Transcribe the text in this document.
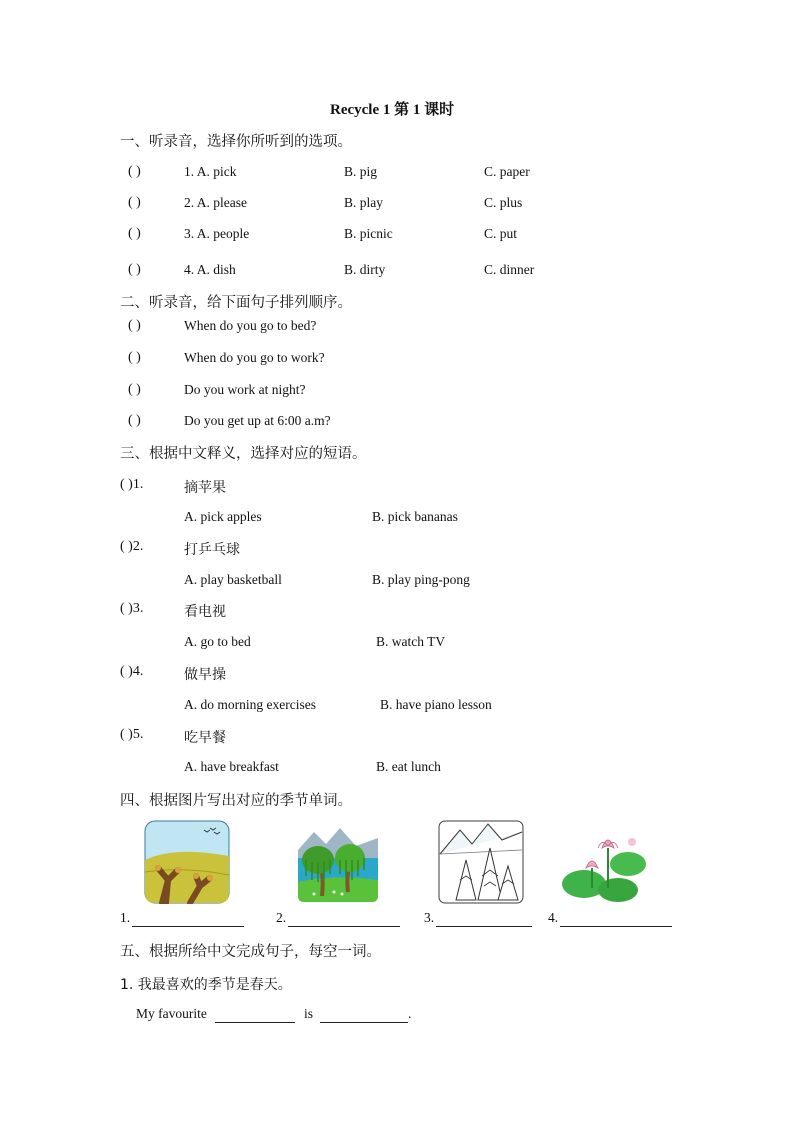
Recycle 1 第 1 课时
一、听录音，选择你所听到的选项。
( )	1. A. pick	B. pig	C. paper
( )	2. A. please	B. play	C. plus
( )	3. A. people	B. picnic	C. put
( )	4. A. dish	B. dirty	C. dinner
二、听录音，给下面句子排列顺序。
( )	When do you go to bed?
( )	When do you go to work?
( )	Do you work at night?
( )	Do you get up at 6:00 a.m?
三、根据中文释义，选择对应的短语。
( )1.	摘苹果
A. pick apples	B. pick bananas
( )2.	打乒乓球
A. play basketball	B. play ping-pong
( )3.	看电视
A. go to bed	B. watch TV
( )4.	做早操
A. do morning exercises	B. have piano lesson
( )5.	吃早餐
A. have breakfast	B. eat lunch
四、根据图片写出对应的季节单词。
1.	2.	3.	4.
五、根据所给中文完成句子，每空一词。
1. 我最喜欢的季节是春天。
My favourite	is	.
